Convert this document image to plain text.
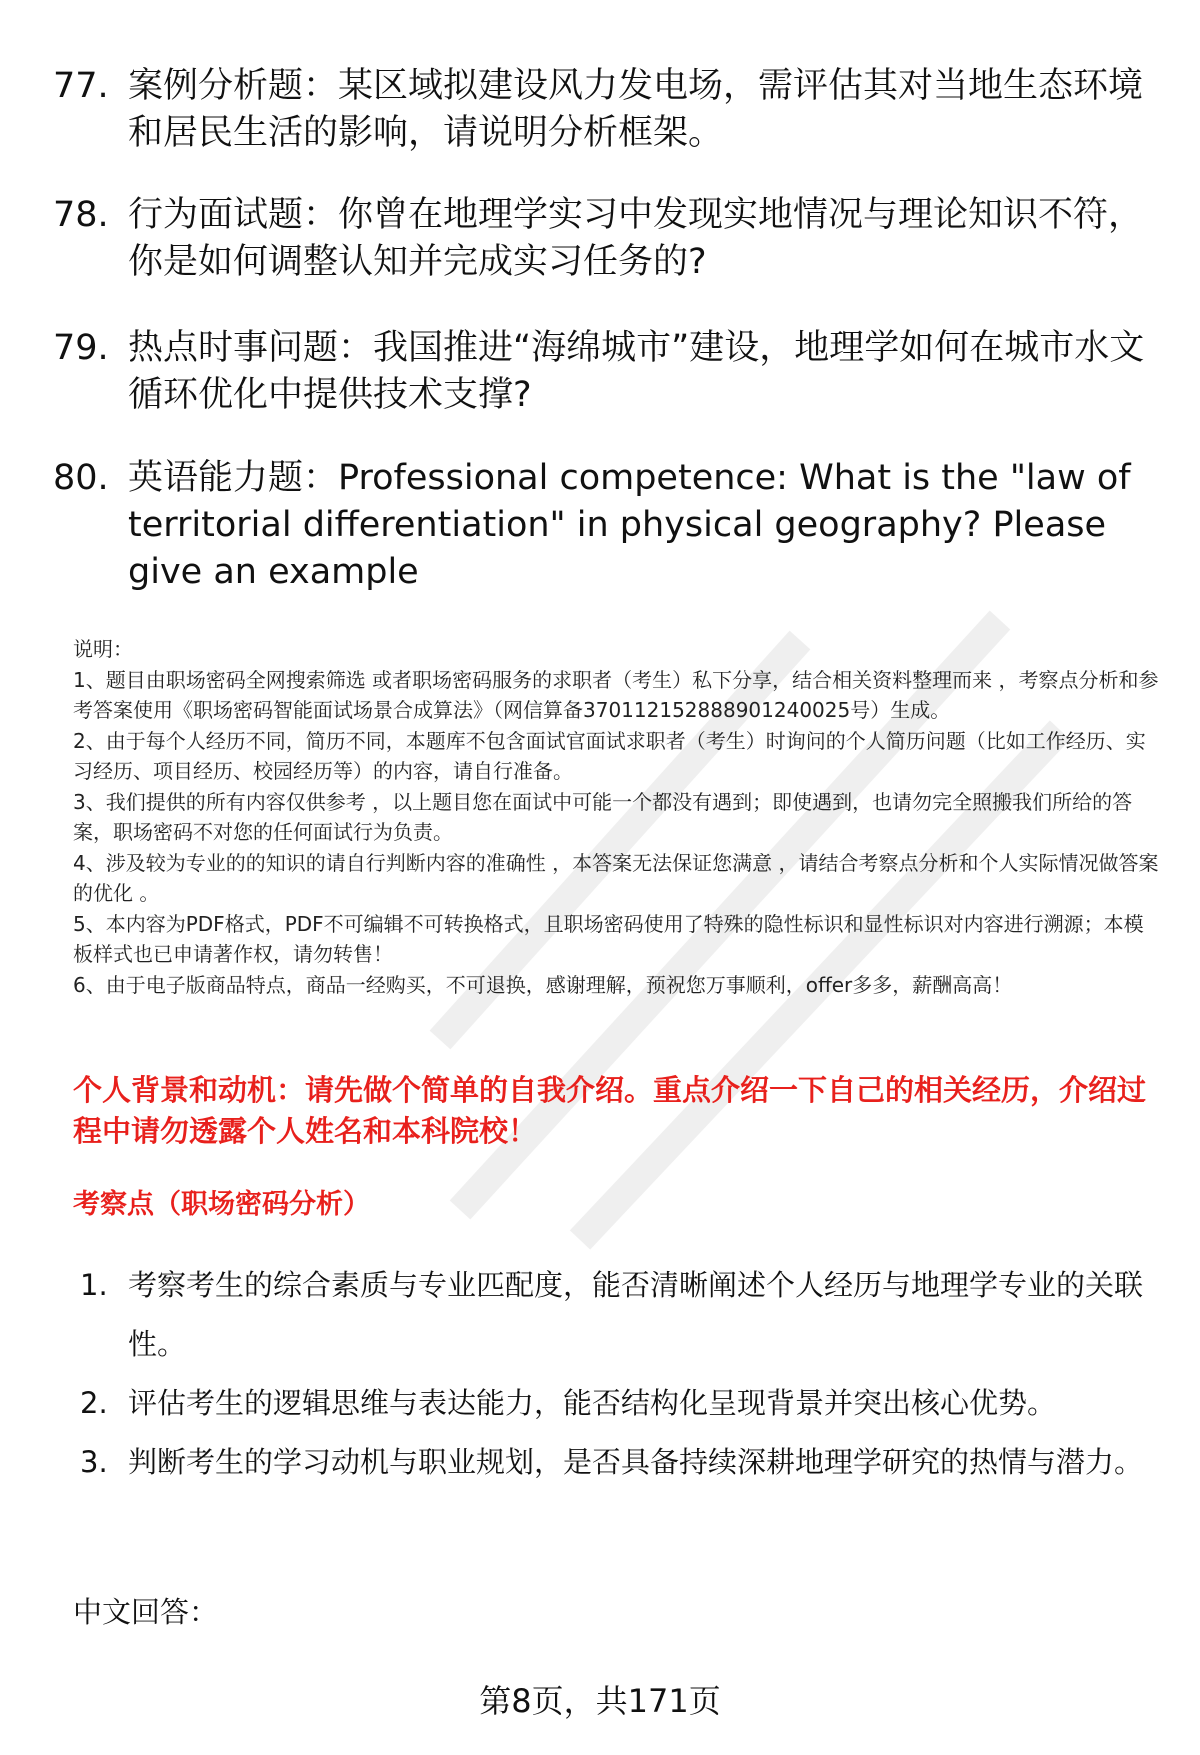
77. 案例分析题：某区域拟建设风力发电场，需评估其对当地生态环境和居民生活的影响，请说明分析框架。
78. 行为面试题：你曾在地理学实习中发现实地情况与理论知识不符，你是如何调整认知并完成实习任务的?
79. 热点时事问题：我国推进“海绵城市”建设，地理学如何在城市水文循环优化中提供技术支撑?
80. 英语能力题：Professional competence: What is the "law of territorial differentiation" in physical geography? Please give an example

说明：

1、题目由职场密码全网搜索筛选 或者职场密码服务的求职者（考生）私下分享，结合相关资料整理而来 ，考察点分析和参考答案使用《职场密码智能面试场景合成算法》（网信算备370112152888901240025号）生成。

2、由于每个人经历不同，简历不同，本题库不包含面试官面试求职者（考生）时询问的个人简历问题（比如工作经历、实习经历、项目经历、校园经历等）的内容，请自行准备。

3、我们提供的所有内容仅供参考 ，以上题目您在面试中可能一个都没有遇到；即使遇到，也请勿完全照搬我们所给的答案，职场密码不对您的任何面试行为负责。

4、涉及较为专业的的知识的请自行判断内容的准确性 ，本答案无法保证您满意 ，请结合考察点分析和个人实际情况做答案的优化 。

5、本内容为PDF格式，PDF不可编辑不可转换格式，且职场密码使用了特殊的隐性标识和显性标识对内容进行溯源；本模板样式也已申请著作权，请勿转售！

6、由于电子版商品特点，商品一经购买，不可退换，感谢理解，预祝您万事顺利，offer多多，薪酬高高！

个人背景和动机：请先做个简单的自我介绍。重点介绍一下自己的相关经历，介绍过程中请勿透露个人姓名和本科院校！
考察点（职场密码分析）
1. 考察考生的综合素质与专业匹配度，能否清晰阐述个人经历与地理学专业的关联性。
2. 评估考生的逻辑思维与表达能力，能否结构化呈现背景并突出核心优势。
3. 判断考生的学习动机与职业规划，是否具备持续深耕地理学研究的热情与潜力。
中文回答：
第8页，共171页
